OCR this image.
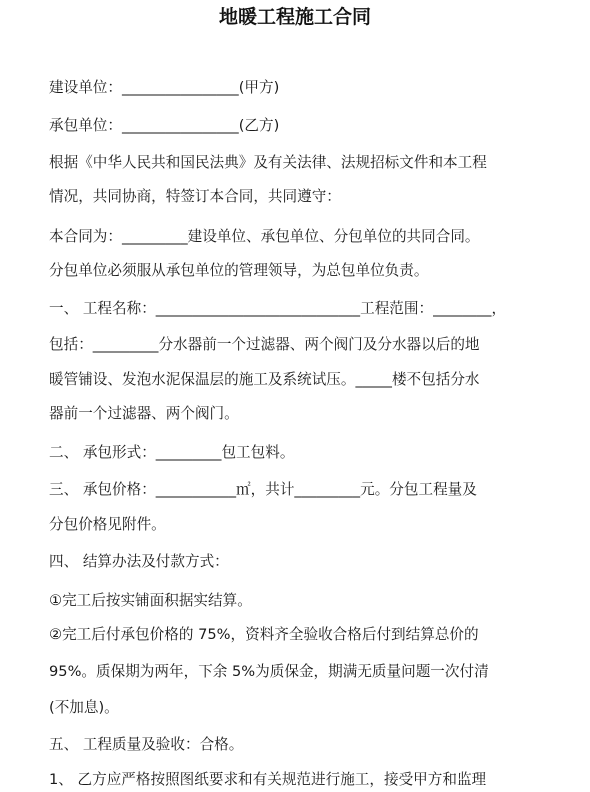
地暖工程施工合同
建设单位：________________(甲方)
承包单位：________________(乙方)
根据《中华人民共和国民法典》及有关法律、法规招标文件和本工程
情况，共同协商，特签订本合同，共同遵守：
本合同为：_________建设单位、承包单位、分包单位的共同合同。
分包单位必须服从承包单位的管理领导，为总包单位负责。
一、 工程名称：____________________________工程范围：________，
包括：_________分水器前一个过滤器、两个阀门及分水器以后的地
暖管铺设、发泡水泥保温层的施工及系统试压。_____楼不包括分水
器前一个过滤器、两个阀门。
二、 承包形式：_________包工包料。
三、 承包价格：___________㎡，共计_________元。分包工程量及
分包价格见附件。
四、 结算办法及付款方式：
①完工后按实铺面积据实结算。
②完工后付承包价格的 75%，资料齐全验收合格后付到结算总价的
95%。质保期为两年，下余 5%为质保金，期满无质量问题一次付清
(不加息)。
五、 工程质量及验收：合格。
1、 乙方应严格按照图纸要求和有关规范进行施工，接受甲方和监理
